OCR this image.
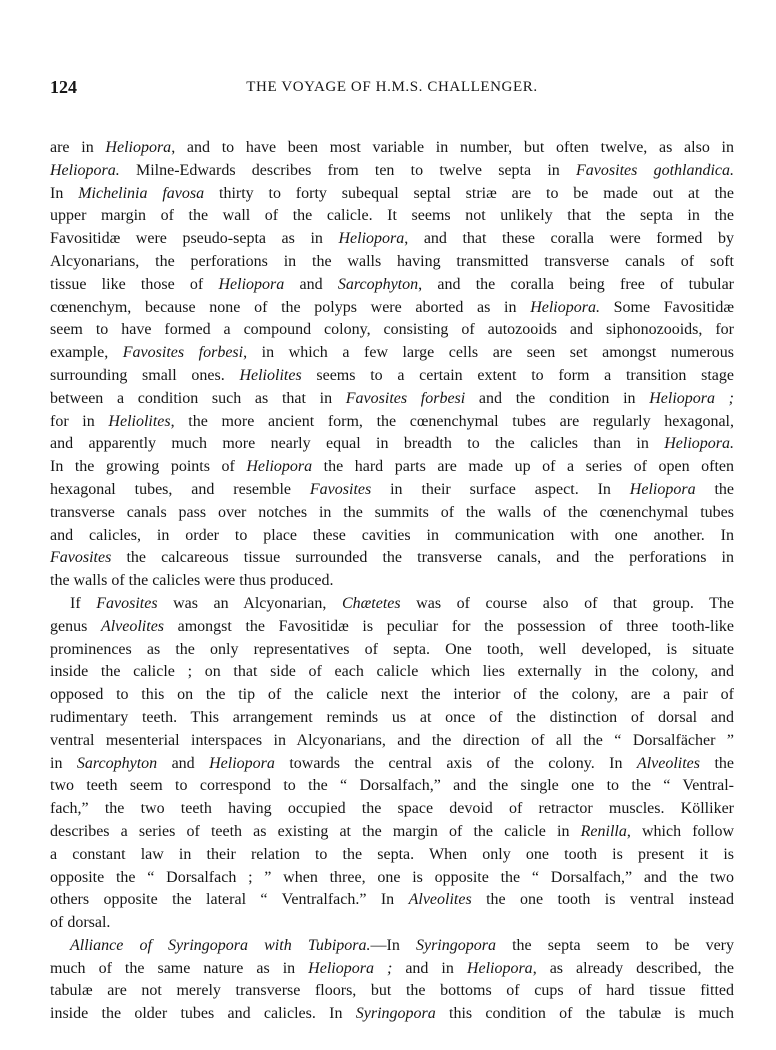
124	THE VOYAGE OF H.M.S. CHALLENGER.
are in Heliopora, and to have been most variable in number, but often twelve, as also in
Heliopora. Milne-Edwards describes from ten to twelve septa in Favosites gothlandica.
In Michelinia favosa thirty to forty subequal septal striæ are to be made out at the
upper margin of the wall of the calicle. It seems not unlikely that the septa in the
Favositidæ were pseudo-septa as in Heliopora, and that these coralla were formed by
Alcyonarians, the perforations in the walls having transmitted transverse canals of soft
tissue like those of Heliopora and Sarcophyton, and the coralla being free of tubular
cœnenchym, because none of the polyps were aborted as in Heliopora. Some Favositidæ
seem to have formed a compound colony, consisting of autozooids and siphonozooids, for
example, Favosites forbesi, in which a few large cells are seen set amongst numerous
surrounding small ones. Heliolites seems to a certain extent to form a transition stage
between a condition such as that in Favosites forbesi and the condition in Heliopora ;
for in Heliolites, the more ancient form, the cœnenchymal tubes are regularly hexagonal,
and apparently much more nearly equal in breadth to the calicles than in Heliopora.
In the growing points of Heliopora the hard parts are made up of a series of open often
hexagonal tubes, and resemble Favosites in their surface aspect. In Heliopora the
transverse canals pass over notches in the summits of the walls of the cœnenchymal tubes
and calicles, in order to place these cavities in communication with one another. In
Favosites the calcareous tissue surrounded the transverse canals, and the perforations in
the walls of the calicles were thus produced.
If Favosites was an Alcyonarian, Chætetes was of course also of that group. The
genus Alveolites amongst the Favositidæ is peculiar for the possession of three tooth-like
prominences as the only representatives of septa. One tooth, well developed, is situate
inside the calicle ; on that side of each calicle which lies externally in the colony, and
opposed to this on the tip of the calicle next the interior of the colony, are a pair of
rudimentary teeth. This arrangement reminds us at once of the distinction of dorsal and
ventral mesenterial interspaces in Alcyonarians, and the direction of all the “ Dorsalfächer ”
in Sarcophyton and Heliopora towards the central axis of the colony. In Alveolites the
two teeth seem to correspond to the “ Dorsalfach,” and the single one to the “ Ventral-
fach,” the two teeth having occupied the space devoid of retractor muscles. Kölliker
describes a series of teeth as existing at the margin of the calicle in Renilla, which follow
a constant law in their relation to the septa. When only one tooth is present it is
opposite the “ Dorsalfach ; ” when three, one is opposite the “ Dorsalfach,” and the two
others opposite the lateral “ Ventralfach.” In Alveolites the one tooth is ventral instead
of dorsal.
Alliance of Syringopora with Tubipora.—In Syringopora the septa seem to be very
much of the same nature as in Heliopora ; and in Heliopora, as already described, the
tabulæ are not merely transverse floors, but the bottoms of cups of hard tissue fitted
inside the older tubes and calicles. In Syringopora this condition of the tabulæ is much
